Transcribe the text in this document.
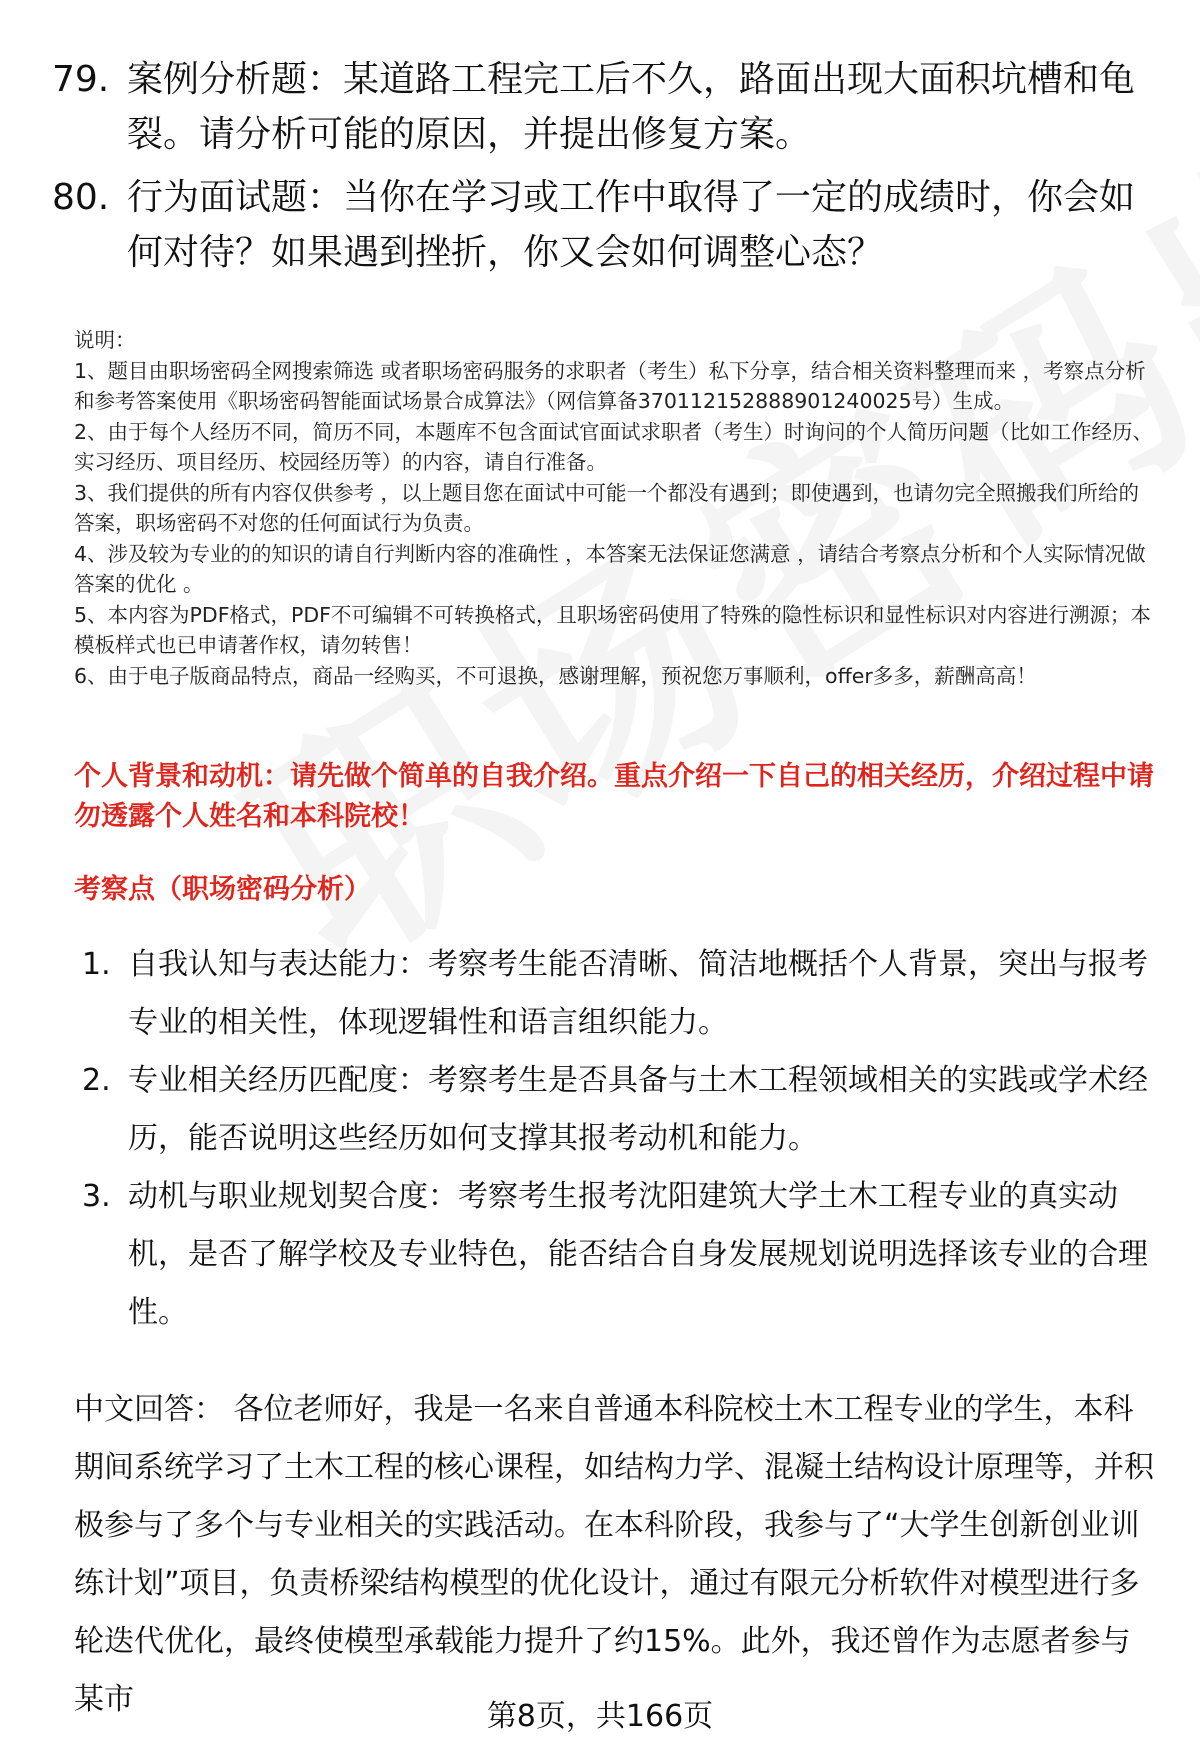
79. 案例分析题：某道路工程完工后不久，路面出现大面积坑槽和龟裂。请分析可能的原因，并提出修复方案。
80. 行为面试题：当你在学习或工作中取得了一定的成绩时，你会如何对待？如果遇到挫折，你又会如何调整心态？
说明：
1、题目由职场密码全网搜索筛选 或者职场密码服务的求职者（考生）私下分享，结合相关资料整理而来 ，考察点分析和参考答案使用《职场密码智能面试场景合成算法》（网信算备370112152888901240025号）生成。
2、由于每个人经历不同，简历不同，本题库不包含面试官面试求职者（考生）时询问的个人简历问题（比如工作经历、实习经历、项目经历、校园经历等）的内容，请自行准备。
3、我们提供的所有内容仅供参考 ，以上题目您在面试中可能一个都没有遇到；即使遇到，也请勿完全照搬我们所给的答案，职场密码不对您的任何面试行为负责。
4、涉及较为专业的的知识的请自行判断内容的准确性 ，本答案无法保证您满意 ，请结合考察点分析和个人实际情况做答案的优化 。
5、本内容为PDF格式，PDF不可编辑不可转换格式，且职场密码使用了特殊的隐性标识和显性标识对内容进行溯源；本模板样式也已申请著作权，请勿转售！
6、由于电子版商品特点，商品一经购买，不可退换，感谢理解，预祝您万事顺利，offer多多，薪酬高高！
个人背景和动机：请先做个简单的自我介绍。重点介绍一下自己的相关经历，介绍过程中请勿透露个人姓名和本科院校！
考察点（职场密码分析）
1. 自我认知与表达能力：考察考生能否清晰、简洁地概括个人背景，突出与报考专业的相关性，体现逻辑性和语言组织能力。
2. 专业相关经历匹配度：考察考生是否具备与土木工程领域相关的实践或学术经历，能否说明这些经历如何支撑其报考动机和能力。
3. 动机与职业规划契合度：考察考生报考沈阳建筑大学土木工程专业的真实动机，是否了解学校及专业特色，能否结合自身发展规划说明选择该专业的合理性。
中文回答： 各位老师好，我是一名来自普通本科院校土木工程专业的学生，本科期间系统学习了土木工程的核心课程，如结构力学、混凝土结构设计原理等，并积极参与了多个与专业相关的实践活动。在本科阶段，我参与了“大学生创新创业训练计划”项目，负责桥梁结构模型的优化设计，通过有限元分析软件对模型进行多轮迭代优化，最终使模型承载能力提升了约15%。此外，我还曾作为志愿者参与某市	第8页，共166页
